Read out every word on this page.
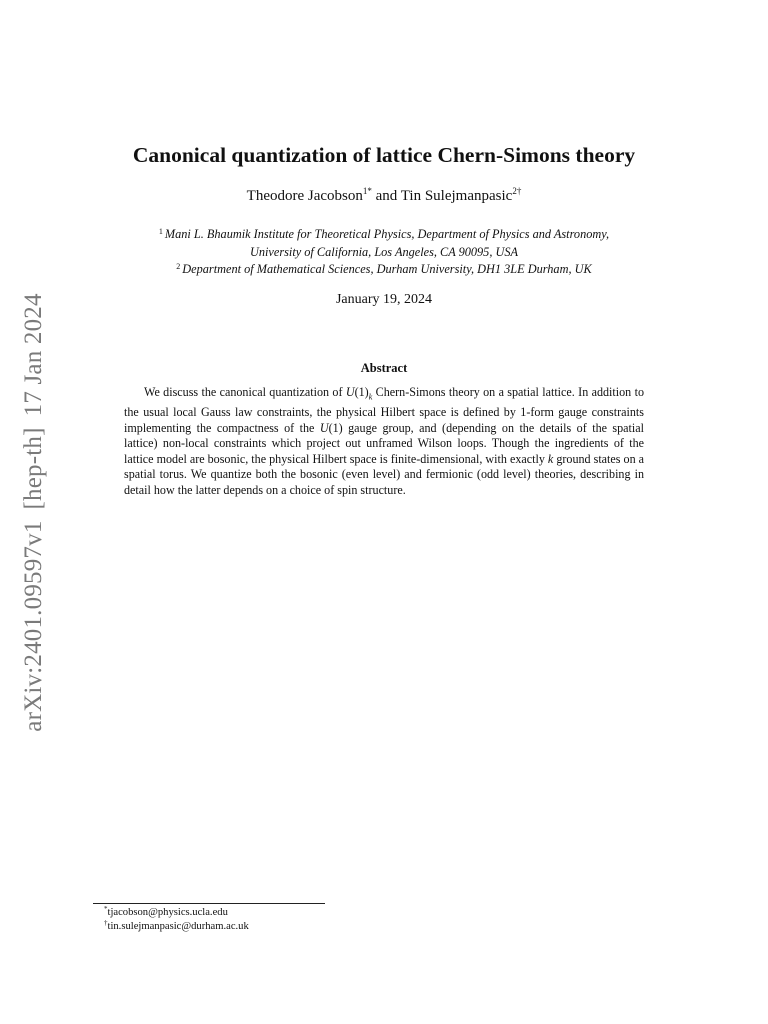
arXiv:2401.09597v1[hep-th]17 Jan 2024
Canonical quantization of lattice Chern-Simons theory
Theodore Jacobson$^{1*}$ and Tin Sulejmanpasic$^{2\dagger}$
$^1$ Mani L. Bhaumik Institute for Theoretical Physics, Department of Physics and Astronomy,
University of California, Los Angeles, CA 90095, USA
$^2$ Department of Mathematical Sciences, Durham University, DH1 3LE Durham, UK
January 19, 2024
Abstract
We discuss the canonical quantization of $U(1)_k$ Chern-Simons theory on a spatial lattice. In addition to the usual local Gauss law constraints, the physical Hilbert space is defined by 1-form gauge constraints implementing the compactness of the U(1) gauge group, and (depending on the details of the spatial lattice) non-local constraints which project out unframed Wilson loops. Though the ingredients of the lattice model are bosonic, the physical Hilbert space is finite-dimensional, with exactly k ground states on a spatial torus. We quantize both the bosonic (even level) and fermionic (odd level) theories, describing in detail how the latter depends on a choice of spin structure.
*tjacobson@physics.ucla.edu
†tin.sulejmanpasic@durham.ac.uk
